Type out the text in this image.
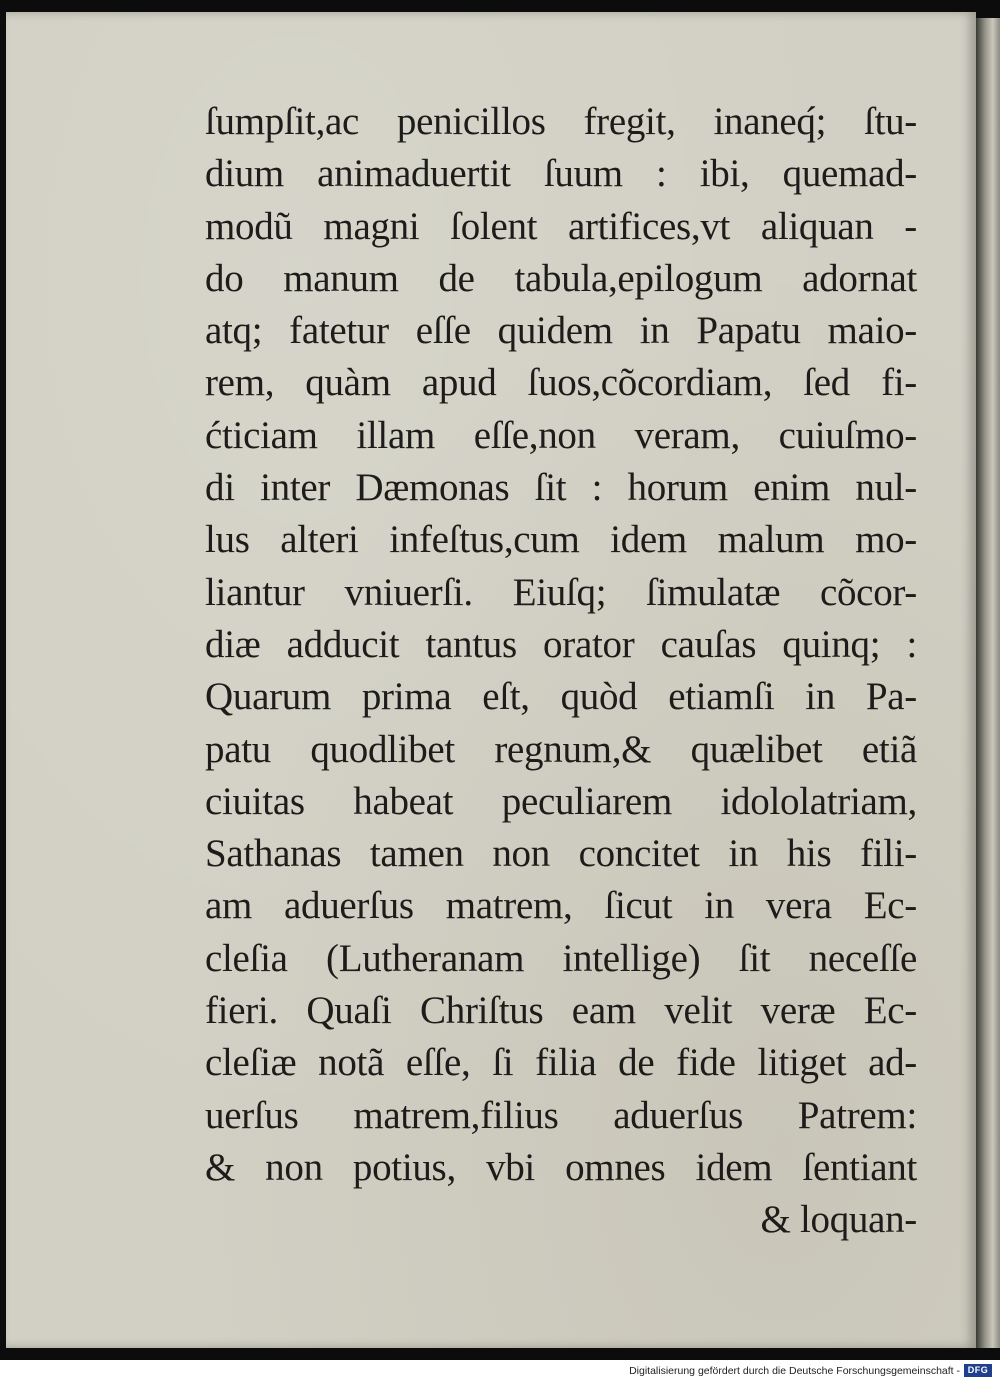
ſumpſit,ac penicillos fregit, inaneq́; ſtu-
dium animaduertit ſuum : ibi, quemad-
modũ magni ſolent artifices,vt aliquan -
do manum de tabula,epilogum adornat
atq; fatetur eſſe quidem in Papatu maio-
rem, quàm apud ſuos,cõcordiam, ſed fi-
ćticiam illam eſſe,non veram, cuiuſmo-
di inter Dæmonas ſit : horum enim nul-
lus alteri infeſtus,cum idem malum mo-
liantur vniuerſi. Eiuſq; ſimulatæ cõcor-
diæ adducit tantus orator cauſas quinq; :
Quarum prima eſt, quòd etiamſi in Pa-
patu quodlibet regnum,& quælibet etiã
ciuitas habeat peculiarem idololatriam,
Sathanas tamen non concitet in his fili-
am aduerſus matrem, ſicut in vera Ec-
cleſia (Lutheranam intellige) ſit neceſſe
fieri. Quaſi Chriſtus eam velit veræ Ec-
cleſiæ notã eſſe, ſi filia de fide litiget ad-
uerſus matrem,filius aduerſus Patrem:
& non potius, vbi omnes idem ſentiant
& loquan-
Digitalisierung gefördert durch die Deutsche Forschungsgemeinschaft - DFG
